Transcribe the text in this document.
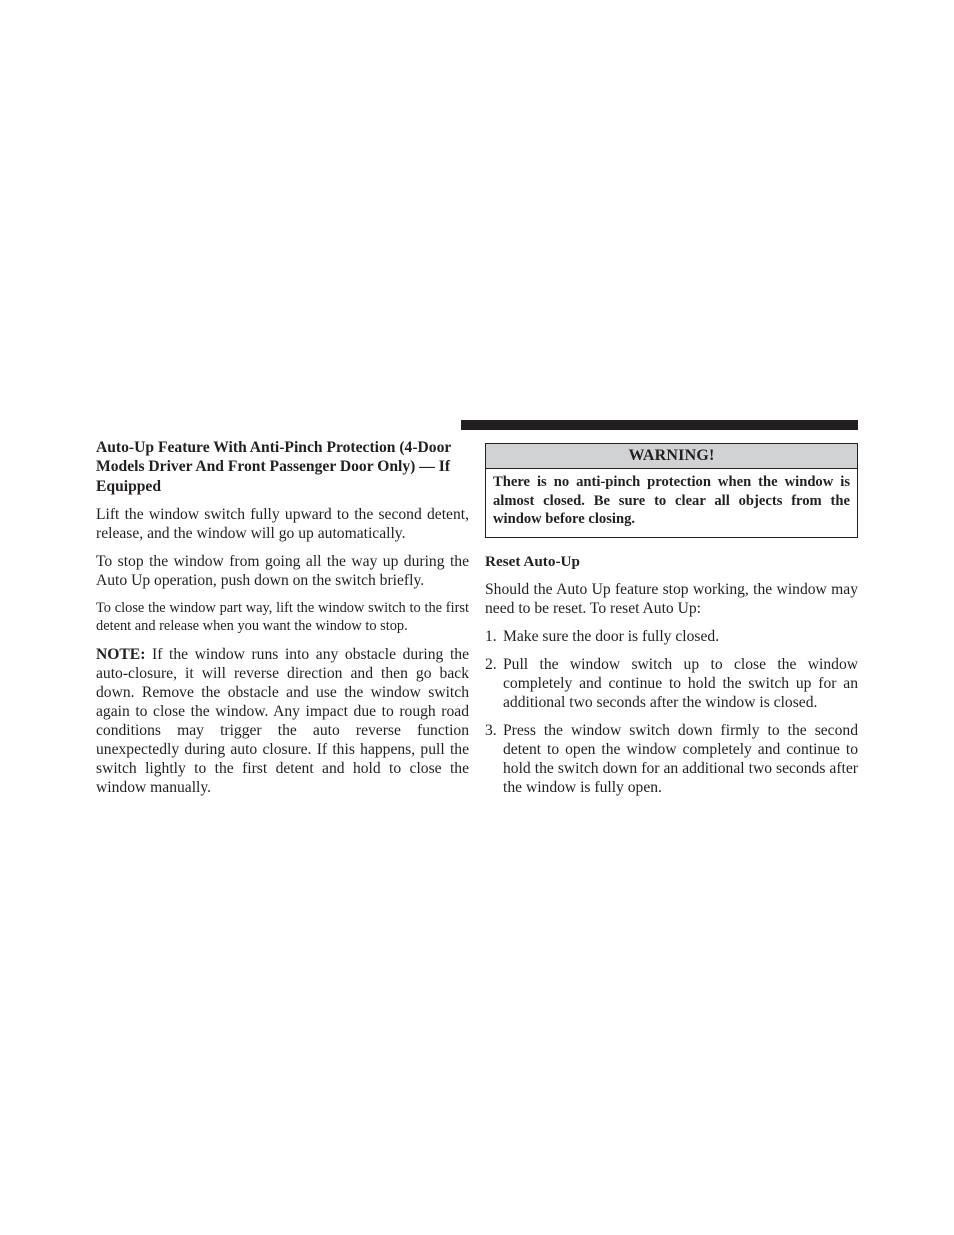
Auto-Up Feature With Anti-Pinch Protection (4-Door Models Driver And Front Passenger Door Only) — If Equipped

Lift the window switch fully upward to the second detent, release, and the window will go up automatically.

To stop the window from going all the way up during the Auto Up operation, push down on the switch briefly.

To close the window part way, lift the window switch to the first detent and release when you want the window to stop.

NOTE: If the window runs into any obstacle during the auto-closure, it will reverse direction and then go back down. Remove the obstacle and use the window switch again to close the window. Any impact due to rough road conditions may trigger the auto reverse function unexpectedly during auto closure. If this happens, pull the switch lightly to the first detent and hold to close the window manually.

WARNING!
There is no anti-pinch protection when the window is almost closed. Be sure to clear all objects from the window before closing.
Reset Auto-Up

Should the Auto Up feature stop working, the window may need to be reset. To reset Auto Up:

1. Make sure the door is fully closed.
2. Pull the window switch up to close the window completely and continue to hold the switch up for an additional two seconds after the window is closed.
3. Press the window switch down firmly to the second detent to open the window completely and continue to hold the switch down for an additional two seconds after the window is fully open.
